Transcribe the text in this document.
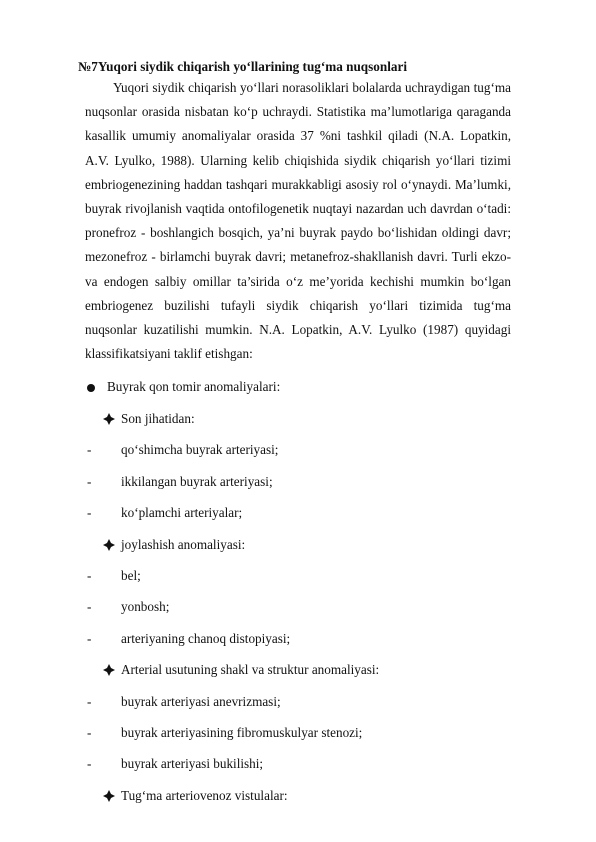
№7Yuqori siydik chiqarish yo‘llarining tug‘ma nuqsonlari

Yuqori siydik chiqarish yo‘llari norasoliklari bolalarda uchraydigan tug‘ma nuqsonlar orasida nisbatan ko‘p uchraydi. Statistika ma’lumotlariga qaraganda kasallik umumiy anomaliyalar orasida 37 %ni tashkil qiladi (N.A. Lopatkin, A.V. Lyulko, 1988). Ularning kelib chiqishida siydik chiqarish yo‘llari tizimi embriogenezining haddan tashqari murakkabligi asosiy rol o‘ynaydi. Ma’lumki, buyrak rivojlanish vaqtida ontofilogenetik nuqtayi nazardan uch davrdan o‘tadi: pronefroz - boshlangich bosqich, ya’ni buyrak paydo bo‘lishidan oldingi davr; mezonefroz - birlamchi buyrak davri; metanefroz-shakllanish davri. Turli ekzo- va endogen salbiy omillar ta’sirida o‘z me’yorida kechishi mumkin bo‘lgan embriogenez buzilishi tufayli siydik chiqarish yo‘llari tizimida tug‘ma nuqsonlar kuzatilishi mumkin. N.A. Lopatkin, A.V. Lyulko (1987) quyidagi klassifikatsiyani taklif etishgan:

Buyrak qon tomir anomaliyalari:
Son jihatidan:
- qo‘shimcha buyrak arteriyasi;
- ikkilangan buyrak arteriyasi;
- ko‘plamchi arteriyalar;
joylashish anomaliyasi:
- bel;
- yonbosh;
- arteriyaning chanoq distopiyasi;
Arterial usutuning shakl va struktur anomaliyasi:
- buyrak arteriyasi anevrizmasi;
- buyrak arteriyasining fibromuskulyar stenozi;
- buyrak arteriyasi bukilishi;
Tug‘ma arteriovenoz vistulalar:
